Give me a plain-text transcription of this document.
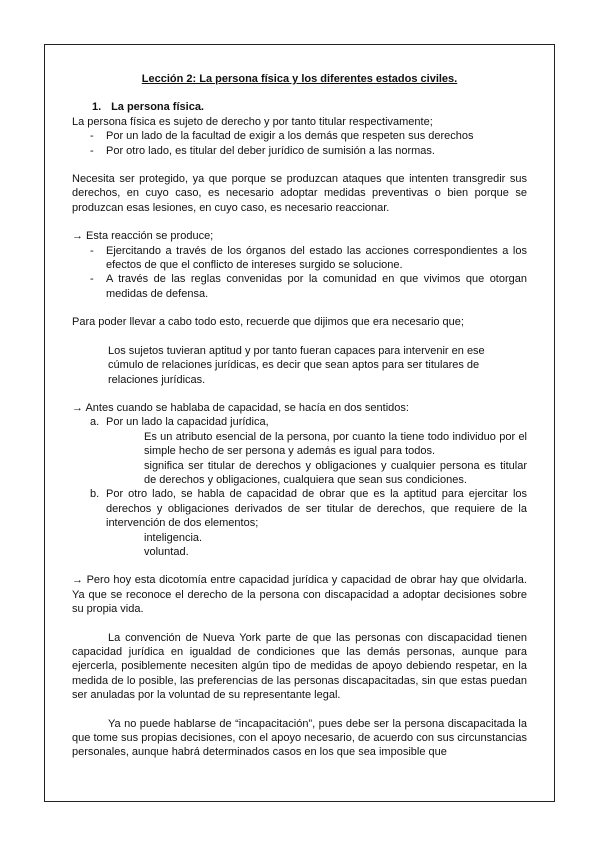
Lección 2: La persona física y los diferentes estados civiles.

1. La persona física.

La persona física es sujeto de derecho y por tanto titular respectivamente;

- Por un lado de la facultad de exigir a los demás que respeten sus derechos
- Por otro lado, es titular del deber jurídico de sumisión a las normas.

Necesita ser protegido, ya que porque se produzcan ataques que intenten transgredir sus derechos, en cuyo caso, es necesario adoptar medidas preventivas o bien porque se produzcan esas lesiones, en cuyo caso, es necesario reaccionar.

→ Esta reacción se produce;

- Ejercitando a través de los órganos del estado las acciones correspondientes a los efectos de que el conflicto de intereses surgido se solucione.
- A través de las reglas convenidas por la comunidad en que vivimos que otorgan medidas de defensa.

Para poder llevar a cabo todo esto, recuerde que dijimos que era necesario que;

Los sujetos tuvieran aptitud y por tanto fueran capaces para intervenir en ese cúmulo de relaciones jurídicas, es decir que sean aptos para ser titulares de relaciones jurídicas.

→ Antes cuando se hablaba de capacidad, se hacía en dos sentidos:

a. Por un lado la capacidad jurídica,

Es un atributo esencial de la persona, por cuanto la tiene todo individuo por el simple hecho de ser persona y además es igual para todos.

significa ser titular de derechos y obligaciones y cualquier persona es titular de derechos y obligaciones, cualquiera que sean sus condiciones.

b. Por otro lado, se habla de capacidad de obrar que es la aptitud para ejercitar los derechos y obligaciones derivados de ser titular de derechos, que requiere de la intervención de dos elementos;

inteligencia.

voluntad.

→ Pero hoy esta dicotomía entre capacidad jurídica y capacidad de obrar hay que olvidarla. Ya que se reconoce el derecho de la persona con discapacidad a adoptar decisiones sobre su propia vida.

La convención de Nueva York parte de que las personas con discapacidad tienen capacidad jurídica en igualdad de condiciones que las demás personas, aunque para ejercerla, posiblemente necesiten algún tipo de medidas de apoyo debiendo respetar, en la medida de lo posible, las preferencias de las personas discapacitadas, sin que estas puedan ser anuladas por la voluntad de su representante legal.

Ya no puede hablarse de “incapacitación”, pues debe ser la persona discapacitada la que tome sus propias decisiones, con el apoyo necesario, de acuerdo con sus circunstancias personales, aunque habrá determinados casos en los que sea imposible que
